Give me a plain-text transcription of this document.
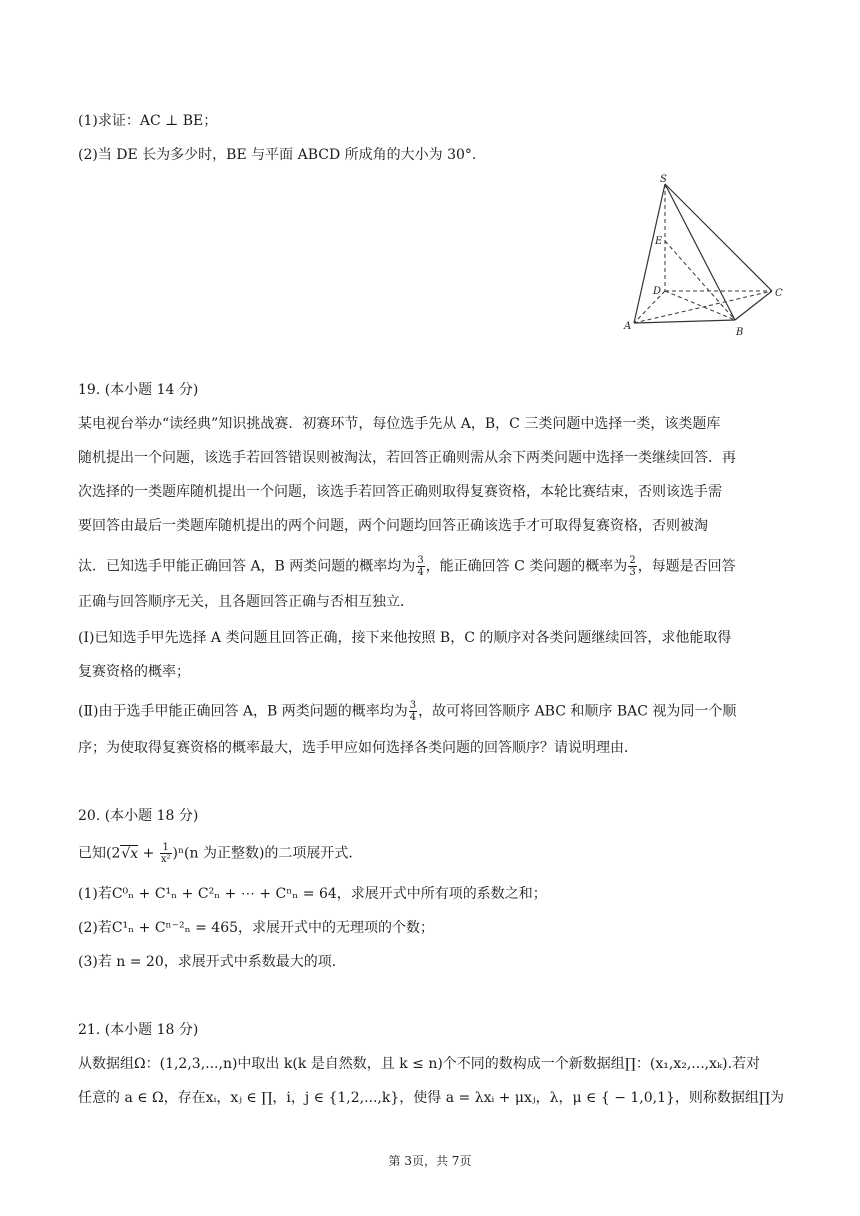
(1)求证：AC ⊥ BE；
(2)当 DE 长为多少时，BE 与平面 ABCD 所成角的大小为 30°.
S
E
D	C
A
B
19. (本小题 14 分)
某电视台举办“读经典”知识挑战赛．初赛环节，每位选手先从 A，B，C 三类问题中选择一类，该类题库
随机提出一个问题，该选手若回答错误则被淘汰，若回答正确则需从余下两类问题中选择一类继续回答．再
次选择的一类题库随机提出一个问题，该选手若回答正确则取得复赛资格，本轮比赛结束，否则该选手需
要回答由最后一类题库随机提出的两个问题，两个问题均回答正确该选手才可取得复赛资格，否则被淘
汰．已知选手甲能正确回答 A，B 两类问题的概率均为 $\frac{3}{4}$ ，能正确回答 C 类问题的概率为 $\frac{2}{3}$ ，每题是否回答
正确与回答顺序无关，且各题回答正确与否相互独立．
(Ⅰ)已知选手甲先选择 A 类问题且回答正确，接下来他按照 B，C 的顺序对各类问题继续回答，求他能取得
复赛资格的概率；
(Ⅱ)由于选手甲能正确回答 A，B 两类问题的概率均为 $\frac{3}{4}$ ，故可将回答顺序 ABC 和顺序 BAC 视为同一个顺
序；为使取得复赛资格的概率最大，选手甲应如何选择各类问题的回答顺序？请说明理由．
20. (本小题 18 分)
已知$(2√x + \frac{1}{\text{x²}} )^n(n$ 为正整数)的二项展开式．
(1)若C⁰ₙ + C¹ₙ + C²ₙ + ⋯ + Cⁿₙ = 64，求展开式中所有项的系数之和；
(2)若C¹ₙ + Cⁿ⁻²ₙ = 465，求展开式中的无理项的个数；
(3)若 n = 20，求展开式中系数最大的项．
21. (本小题 18 分)
从数据组Ω：(1,2,3,...,n)中取出 k(k 是自然数，且 k ≤ n)个不同的数构成一个新数据组∏：(x₁,x₂,...,xₖ).若对
任意的 a ∈ Ω，存在xᵢ，xⱼ ∈ ∏，i，j ∈ {1,2,...,k}，使得 a = λxᵢ + μxⱼ，λ，μ ∈ { − 1,0,1}，则称数据组∏为
第 3页，共 7页
